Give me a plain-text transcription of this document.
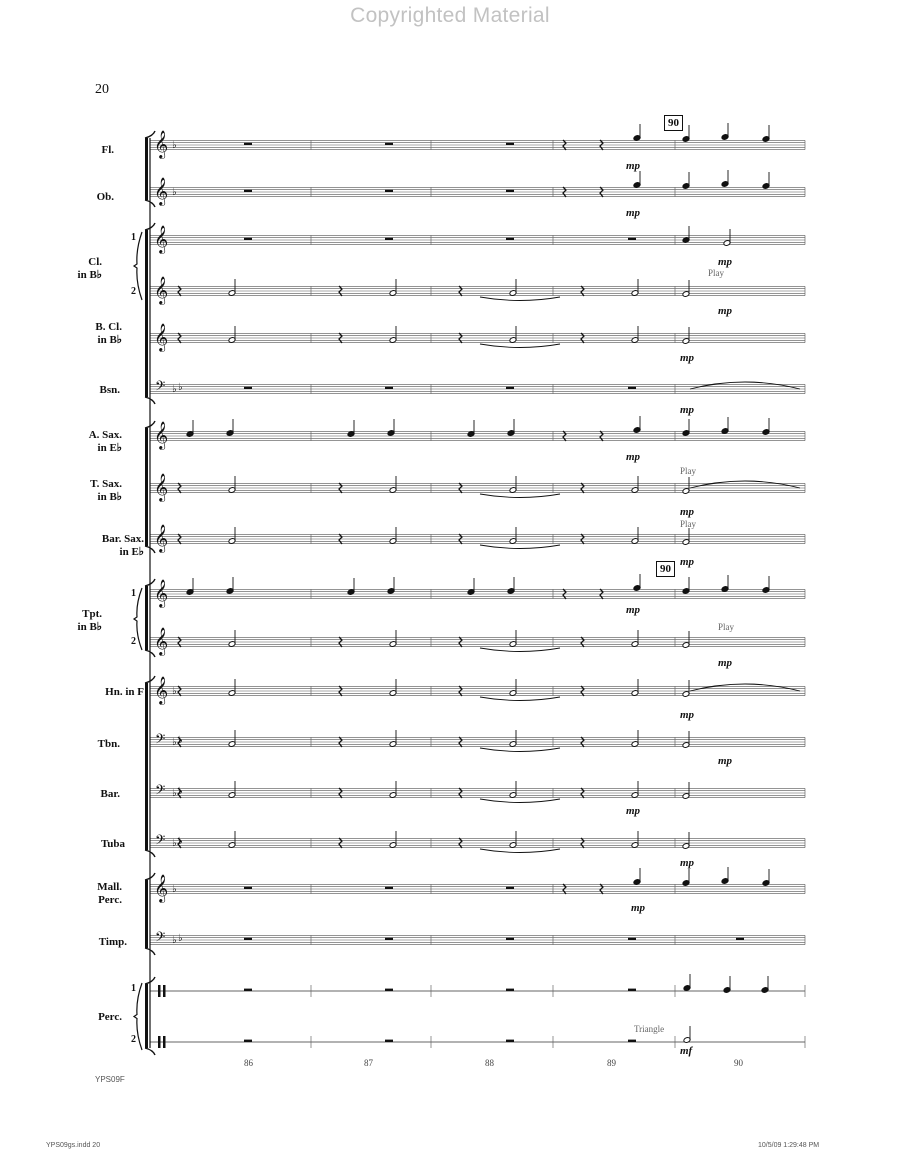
Copyrighted Material
20
𝄞 ♭
𝄞 ♭
𝄞
𝄞
𝄞
𝄢 ♭ ♭
𝄞
𝄞
𝄞
𝄞
𝄞
𝄞 ♭
𝄢 ♭ ♭
𝄢 ♭ ♭
𝄢 ♭ ♭
𝄞 ♭
𝄢 ♭ ♭
Fl.
Ob.
Cl.
in B♭
B. Cl.
in B♭
Bsn.
A. Sax.
in E♭
T. Sax.
in B♭
Bar. Sax.
in E♭
Tpt.
in B♭
Hn. in F
Tbn.
Bar.
Tuba
Mall.
Perc.
Timp.
Perc.
1
2
1
2
1
2
90
90
mp
mp
mp
mp
mp
mp
mp
mp
mp
mp
mp
mp
mp
mp
mp
mp
mf
Play
Play
Play
Play
Triangle
86	87	88	89	90
YPS09F
YPS09gs.indd 20	10/5/09 1:29:48 PM
